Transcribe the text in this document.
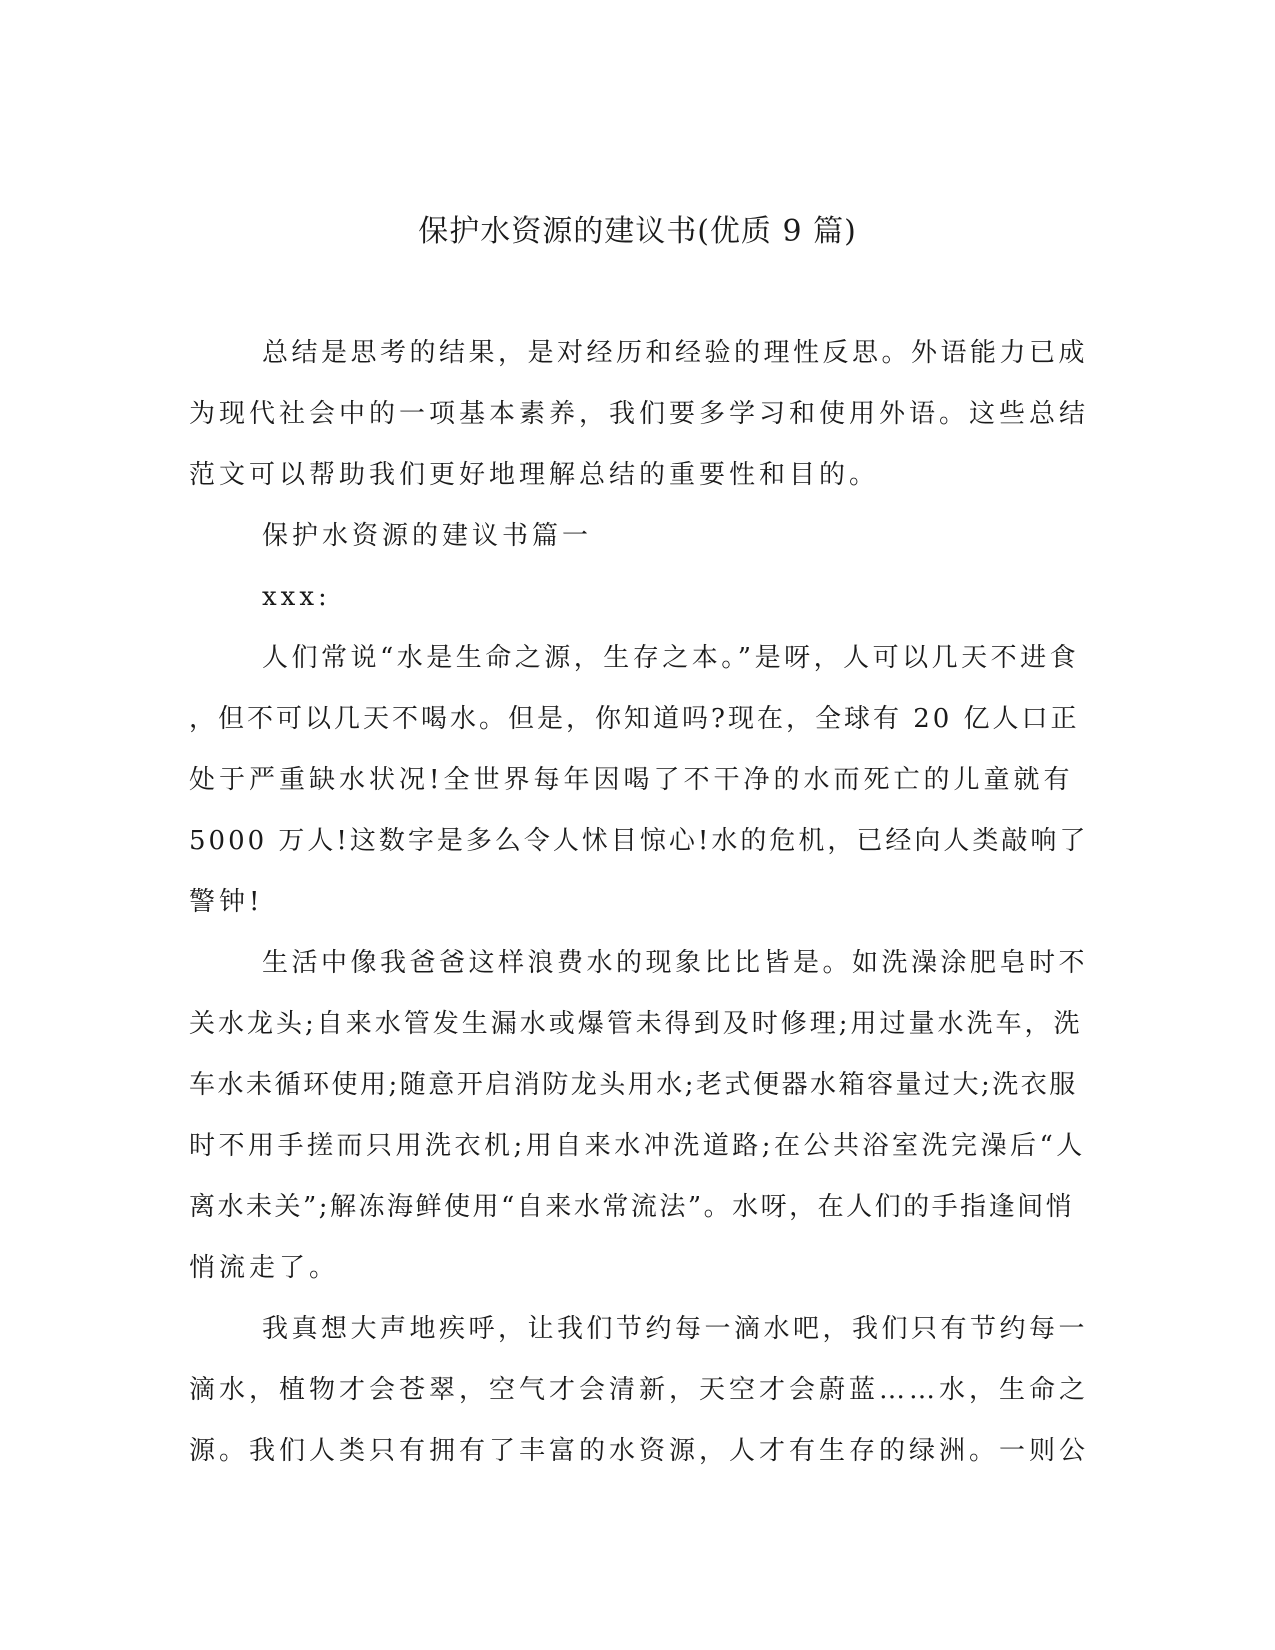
保护水资源的建议书(优质 9 篇)
总结是思考的结果，是对经历和经验的理性反思。外语能力已成
为现代社会中的一项基本素养，我们要多学习和使用外语。这些总结
范文可以帮助我们更好地理解总结的重要性和目的。
保护水资源的建议书篇一
xxx:
人们常说“水是生命之源，生存之本。”是呀，人可以几天不进食
，但不可以几天不喝水。但是，你知道吗?现在，全球有 20 亿人口正
处于严重缺水状况!全世界每年因喝了不干净的水而死亡的儿童就有
5000 万人!这数字是多么令人怵目惊心!水的危机，已经向人类敲响了
警钟!
生活中像我爸爸这样浪费水的现象比比皆是。如洗澡涂肥皂时不
关水龙头;自来水管发生漏水或爆管未得到及时修理;用过量水洗车，洗
车水未循环使用;随意开启消防龙头用水;老式便器水箱容量过大;洗衣服
时不用手搓而只用洗衣机;用自来水冲洗道路;在公共浴室洗完澡后“人
离水未关”;解冻海鲜使用“自来水常流法”。水呀，在人们的手指逢间悄
悄流走了。
我真想大声地疾呼，让我们节约每一滴水吧，我们只有节约每一
滴水，植物才会苍翠，空气才会清新，天空才会蔚蓝……水，生命之
源。我们人类只有拥有了丰富的水资源，人才有生存的绿洲。一则公
